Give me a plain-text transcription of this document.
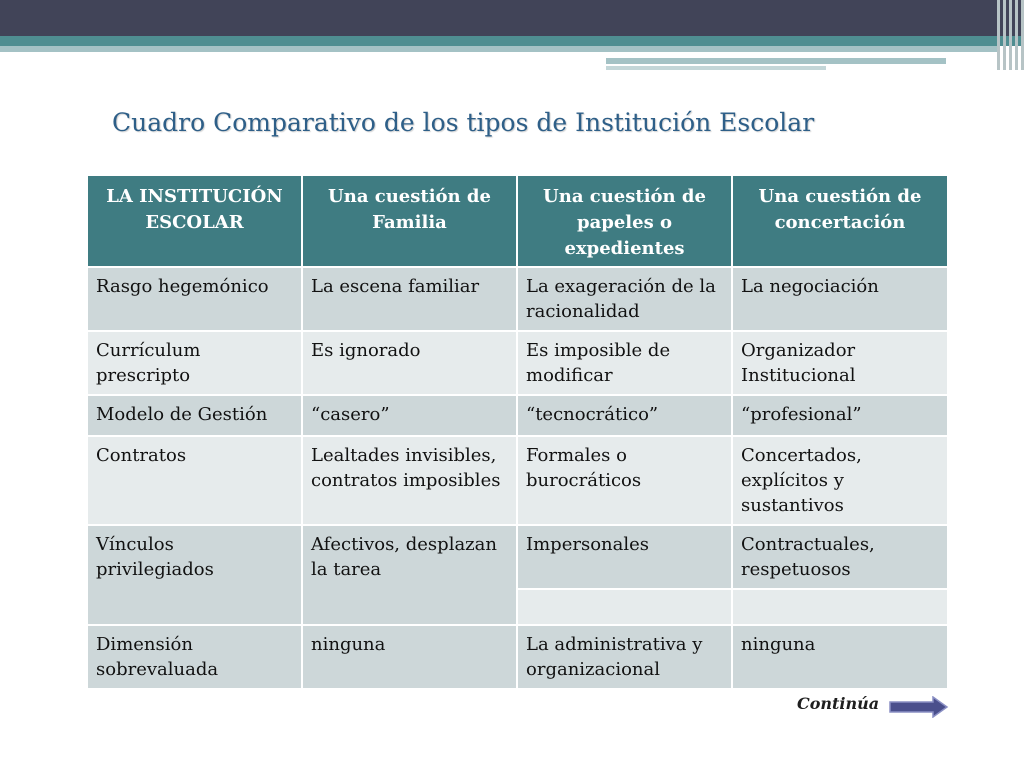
Cuadro Comparativo de los tipos de Institución Escolar
LA INSTITUCIÓN ESCOLAR	Una cuestión de Familia	Una cuestión de papeles o expedientes	Una cuestión de concertación
Rasgo hegemónico	La escena familiar	La exageración de la racionalidad	La negociación
Currículum prescripto	Es ignorado	Es imposible de modificar	Organizador Institucional
Modelo de Gestión	“casero”	“tecnocrático”	“profesional”
Contratos	Lealtades invisibles, contratos imposibles	Formales o burocráticos	Concertados, explícitos y sustantivos
Vínculos privilegiados	Afectivos, desplazan la tarea	Impersonales	Contractuales, respetuosos

Dimensión sobrevaluada	ninguna	La administrativa y organizacional	ninguna
Continúa
